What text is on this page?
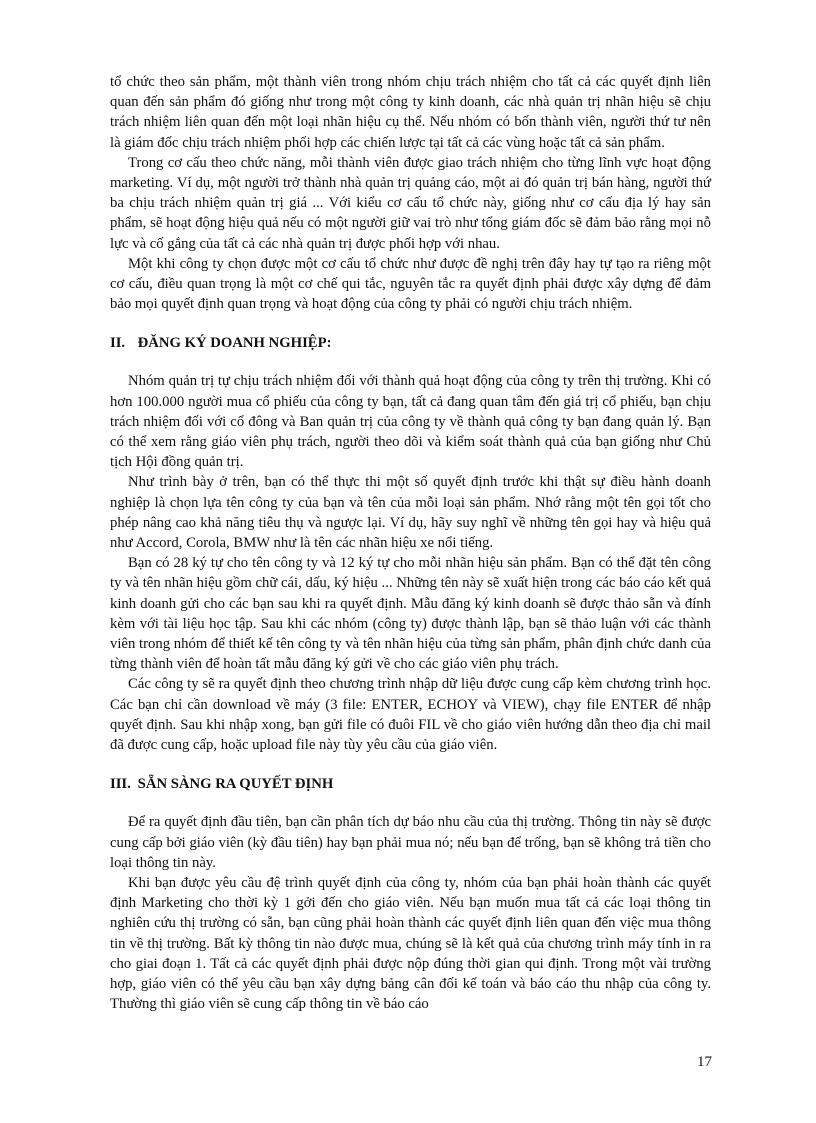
tổ chức theo sản phẩm, một thành viên trong nhóm chịu trách nhiệm cho tất cả các quyết định liên quan đến sản phẩm đó giống như trong một công ty kinh doanh, các nhà quản trị nhãn hiệu sẽ chịu trách nhiệm liên quan đến một loại nhãn hiệu cụ thể. Nếu nhóm có bốn thành viên, người thứ tư nên là giám đốc chịu trách nhiệm phối hợp các chiến lược tại tất cả các vùng hoặc tất cả sản phẩm.

Trong cơ cấu theo chức năng, mỗi thành viên được giao trách nhiệm cho từng lĩnh vực hoạt động marketing. Ví dụ, một người trở thành nhà quản trị quảng cáo, một ai đó quản trị bán hàng, người thứ ba chịu trách nhiệm quản trị giá ... Với kiểu cơ cấu tổ chức này, giống như cơ cấu địa lý hay sản phẩm, sẽ hoạt động hiệu quả nếu có một người giữ vai trò như tổng giám đốc sẽ đảm bảo rằng mọi nỗ lực và cố gắng của tất cả các nhà quản trị được phối hợp với nhau.

Một khi công ty chọn được một cơ cấu tổ chức như được đề nghị trên đây hay tự tạo ra riêng một cơ cấu, điều quan trọng là một cơ chế qui tắc, nguyên tắc ra quyết định phải được xây dựng để đảm bảo mọi quyết định quan trọng và hoạt động của công ty phải có người chịu trách nhiệm.

II. ĐĂNG KÝ DOANH NGHIỆP:

Nhóm quản trị tự chịu trách nhiệm đối với thành quả hoạt động của công ty trên thị trường. Khi có hơn 100.000 người mua cổ phiếu của công ty bạn, tất cả đang quan tâm đến giá trị cổ phiếu, bạn chịu trách nhiệm đối với cổ đông và Ban quản trị của công ty về thành quả công ty bạn đang quản lý. Bạn có thể xem rằng giáo viên phụ trách, người theo dõi và kiểm soát thành quả của bạn giống như Chủ tịch Hội đồng quản trị.

Như trình bày ở trên, bạn có thể thực thi một số quyết định trước khi thật sự điều hành doanh nghiệp là chọn lựa tên công ty của bạn và tên của mỗi loại sản phẩm. Nhớ rằng một tên gọi tốt cho phép nâng cao khả năng tiêu thụ và ngược lại. Ví dụ, hãy suy nghĩ về những tên gọi hay và hiệu quả như Accord, Corola, BMW như là tên các nhãn hiệu xe nổi tiếng.

Bạn có 28 ký tự cho tên công ty và 12 ký tự cho mỗi nhãn hiệu sản phẩm. Bạn có thể đặt tên công ty và tên nhãn hiệu gồm chữ cái, dấu, ký hiệu ... Những tên này sẽ xuất hiện trong các báo cáo kết quả kinh doanh gửi cho các bạn sau khi ra quyết định. Mẫu đăng ký kinh doanh sẽ được thảo sẵn và đính kèm với tài liệu học tập. Sau khi các nhóm (công ty) được thành lập, bạn sẽ thảo luận với các thành viên trong nhóm để thiết kế tên công ty và tên nhãn hiệu của từng sản phẩm, phân định chức danh của từng thành viên để hoàn tất mẫu đăng ký gửi về cho các giáo viên phụ trách.

Các công ty sẽ ra quyết định theo chương trình nhập dữ liệu được cung cấp kèm chương trình học. Các bạn chỉ cần download về máy (3 file: ENTER, ECHOY và VIEW), chạy file ENTER để nhập quyết định. Sau khi nhập xong, bạn gửi file có đuôi FIL về cho giáo viên hướng dẫn theo địa chỉ mail đã được cung cấp, hoặc upload file này tùy yêu cầu của giáo viên.

III. SẴN SÀNG RA QUYẾT ĐỊNH

Để ra quyết định đầu tiên, bạn cần phân tích dự báo nhu cầu của thị trường. Thông tin này sẽ được cung cấp bởi giáo viên (kỳ đầu tiên) hay bạn phải mua nó; nếu bạn để trống, bạn sẽ không trả tiền cho loại thông tin này.

Khi bạn được yêu cầu đệ trình quyết định của công ty, nhóm của bạn phải hoàn thành các quyết định Marketing cho thời kỳ 1 gởi đến cho giáo viên. Nếu bạn muốn mua tất cả các loại thông tin nghiên cứu thị trường có sẵn, bạn cũng phải hoàn thành các quyết định liên quan đến việc mua thông tin về thị trường. Bất kỳ thông tin nào được mua, chúng sẽ là kết quả của chương trình máy tính in ra cho giai đoạn 1. Tất cả các quyết định phải được nộp đúng thời gian qui định. Trong một vài trường hợp, giáo viên có thể yêu cầu bạn xây dựng bảng cân đối kế toán và báo cáo thu nhập của công ty. Thường thì giáo viên sẽ cung cấp thông tin về báo cáo

17
